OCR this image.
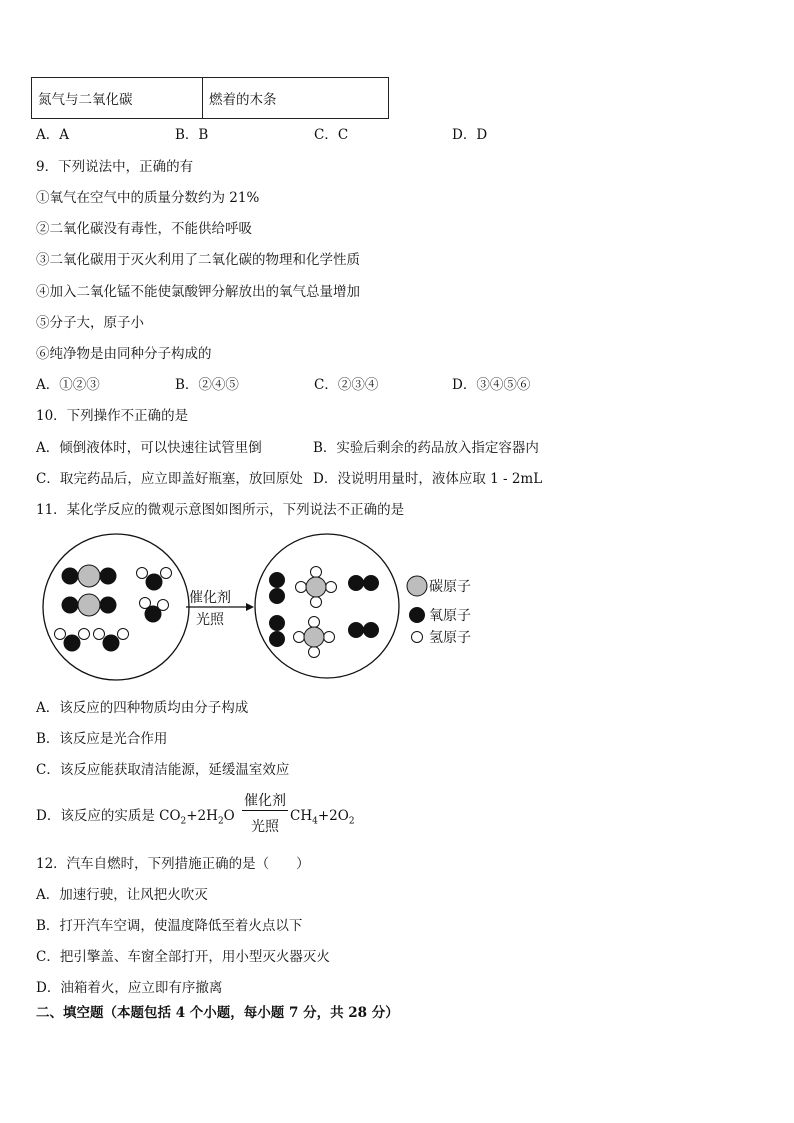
氮气与二氧化碳	燃着的木条
A．A	B．B	C．C	D．D
9．下列说法中，正确的有
①氧气在空气中的质量分数约为 21%
②二氧化碳没有毒性，不能供给呼吸
③二氧化碳用于灭火利用了二氧化碳的物理和化学性质
④加入二氧化锰不能使氯酸钾分解放出的氧气总量增加
⑤分子大，原子小
⑥纯净物是由同种分子构成的
A．①②③	B．②④⑤	C．②③④	D．③④⑤⑥
10．下列操作不正确的是
A．倾倒液体时，可以快速往试管里倒	B．实验后剩余的药品放入指定容器内
C．取完药品后，应立即盖好瓶塞，放回原处 D．没说明用量时，液体应取 1 - 2mL
11．某化学反应的微观示意图如图所示，下列说法不正确的是
催化剂
光照
碳原子
氧原子
氢原子
A．该反应的四种物质均由分子构成
B．该反应是光合作用
C．该反应能获取清洁能源，延缓温室效应
D．该反应的实质是 $CO_2+2H_2O$
催化剂
光照
$CH_4+2O_2$
12．汽车自燃时，下列措施正确的是（　　）
A．加速行驶，让风把火吹灭
B．打开汽车空调，使温度降低至着火点以下
C．把引擎盖、车窗全部打开，用小型灭火器灭火
D．油箱着火，应立即有序撤离
二、填空题（本题包括 4 个小题，每小题 7 分，共 28 分）
